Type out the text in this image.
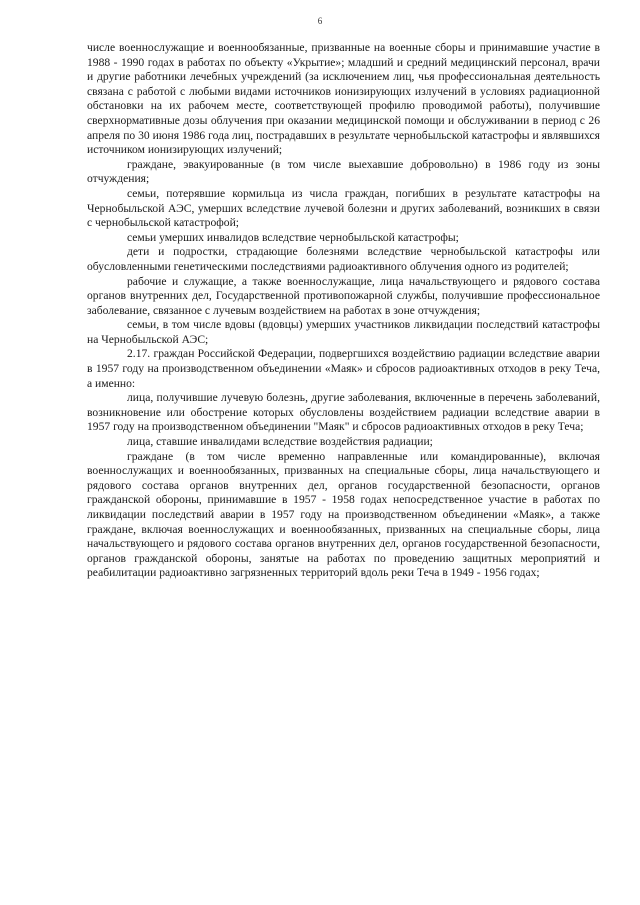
6

числе военнослужащие и военнообязанные, призванные на военные сборы и принимавшие участие в 1988 - 1990 годах в работах по объекту «Укрытие»; младший и средний медицинский персонал, врачи и другие работники лечебных учреждений (за исключением лиц, чья профессиональная деятельность связана с работой с любыми видами источников ионизирующих излучений в условиях радиационной обстановки на их рабочем месте, соответствующей профилю проводимой работы), получившие сверхнормативные дозы облучения при оказании медицинской помощи и обслуживании в период с 26 апреля по 30 июня 1986 года лиц, пострадавших в результате чернобыльской катастрофы и являвшихся источником ионизирующих излучений;

граждане, эвакуированные (в том числе выехавшие добровольно) в 1986 году из зоны отчуждения;

семьи, потерявшие кормильца из числа граждан, погибших в результате катастрофы на Чернобыльской АЭС, умерших вследствие лучевой болезни и других заболеваний, возникших в связи с чернобыльской катастрофой;

семьи умерших инвалидов вследствие чернобыльской катастрофы;

дети и подростки, страдающие болезнями вследствие чернобыльской катастрофы или обусловленными генетическими последствиями радиоактивного облучения одного из родителей;

рабочие и служащие, а также военнослужащие, лица начальствующего и рядового состава органов внутренних дел, Государственной противопожарной службы, получившие профессиональное заболевание, связанное с лучевым воздействием на работах в зоне отчуждения;

семьи, в том числе вдовы (вдовцы) умерших участников ликвидации последствий катастрофы на Чернобыльской АЭС;

2.17. граждан Российской Федерации, подвергшихся воздействию радиации вследствие аварии в 1957 году на производственном объединении «Маяк» и сбросов радиоактивных отходов в реку Теча, а именно:

лица, получившие лучевую болезнь, другие заболевания, включенные в перечень заболеваний, возникновение или обострение которых обусловлены воздействием радиации вследствие аварии в 1957 году на производственном объединении "Маяк" и сбросов радиоактивных отходов в реку Теча;

лица, ставшие инвалидами вследствие воздействия радиации;

граждане (в том числе временно направленные или командированные), включая военнослужащих и военнообязанных, призванных на специальные сборы, лица начальствующего и рядового состава органов внутренних дел, органов государственной безопасности, органов гражданской обороны, принимавшие в 1957 - 1958 годах непосредственное участие в работах по ликвидации последствий аварии в 1957 году на производственном объединении «Маяк», а также граждане, включая военнослужащих и военнообязанных, призванных на специальные сборы, лица начальствующего и рядового состава органов внутренних дел, органов государственной безопасности, органов гражданской обороны, занятые на работах по проведению защитных мероприятий и реабилитации радиоактивно загрязненных территорий вдоль реки Теча в 1949 - 1956 годах;
